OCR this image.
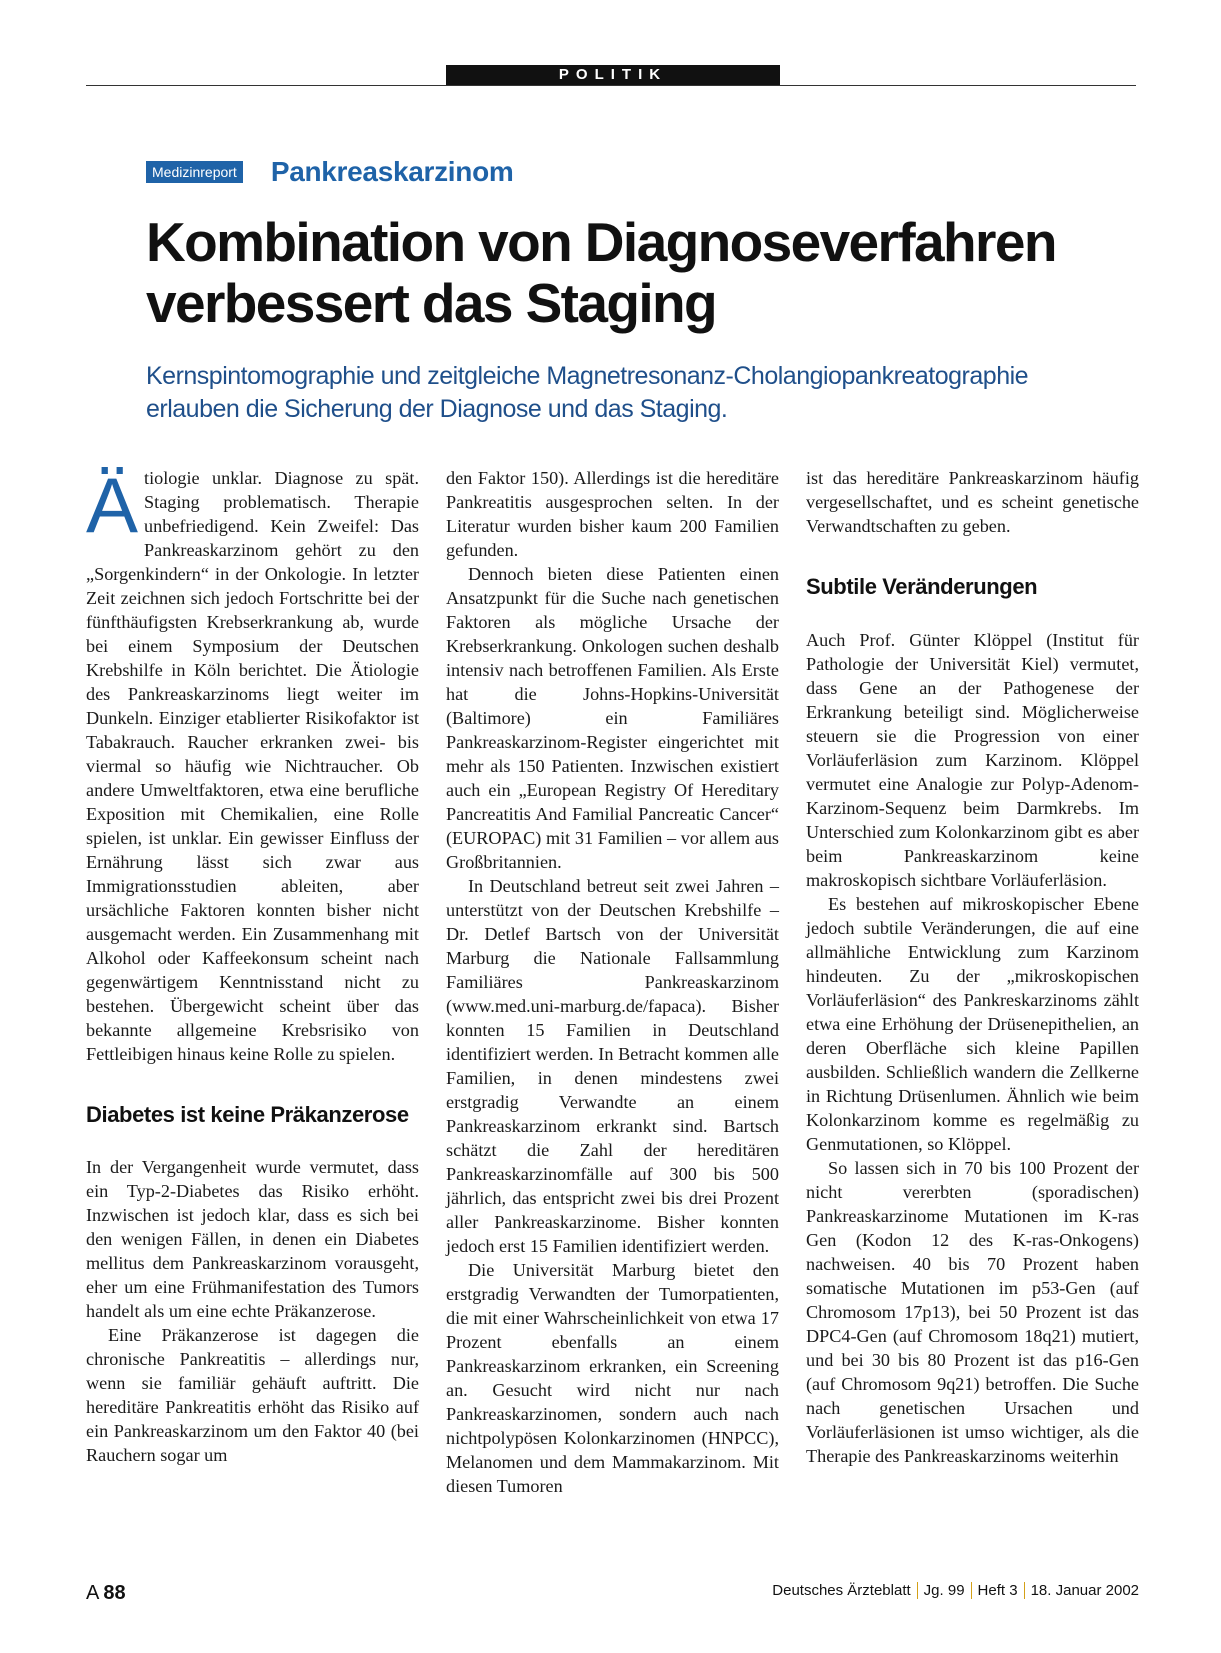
POLITIK
Medizinreport Pankreaskarzinom
Kombination von Diagnoseverfahren
verbessert das Staging

Kernspintomographie und zeitgleiche Magnetresonanz-Cholangiopankreatographie
erlauben die Sicherung der Diagnose und das Staging.

Ätiologie unklar. Diagnose zu spät. Staging problematisch. Therapie unbefriedigend. Kein Zweifel: Das Pankreaskarzinom gehört zu den „Sorgenkindern“ in der Onkologie. In letzter Zeit zeichnen sich jedoch Fortschritte bei der fünfthäufigsten Krebserkrankung ab, wurde bei einem Symposium der Deutschen Krebshilfe in Köln berichtet. Die Ätiologie des Pankreaskarzinoms liegt weiter im Dunkeln. Einziger etablierter Risikofaktor ist Tabakrauch. Raucher erkranken zwei- bis viermal so häufig wie Nichtraucher. Ob andere Umweltfaktoren, etwa eine berufliche Exposition mit Chemikalien, eine Rolle spielen, ist unklar. Ein gewisser Einfluss der Ernährung lässt sich zwar aus Immigrationsstudien ableiten, aber ursächliche Faktoren konnten bisher nicht ausgemacht werden. Ein Zusammenhang mit Alkohol oder Kaffeekonsum scheint nach gegenwärtigem Kenntnisstand nicht zu bestehen. Übergewicht scheint über das bekannte allgemeine Krebsrisiko von Fettleibigen hinaus keine Rolle zu spielen.

Diabetes ist keine Präkanzerose

In der Vergangenheit wurde vermutet, dass ein Typ-2-Diabetes das Risiko erhöht. Inzwischen ist jedoch klar, dass es sich bei den wenigen Fällen, in denen ein Diabetes mellitus dem Pankreaskarzinom vorausgeht, eher um eine Frühmanifestation des Tumors handelt als um eine echte Präkanzerose.

Eine Präkanzerose ist dagegen die chronische Pankreatitis – allerdings nur, wenn sie familiär gehäuft auftritt. Die hereditäre Pankreatitis erhöht das Risiko auf ein Pankreaskarzinom um den Faktor 40 (bei Rauchern sogar um

den Faktor 150). Allerdings ist die hereditäre Pankreatitis ausgesprochen selten. In der Literatur wurden bisher kaum 200 Familien gefunden.

Dennoch bieten diese Patienten einen Ansatzpunkt für die Suche nach genetischen Faktoren als mögliche Ursache der Krebserkrankung. Onkologen suchen deshalb intensiv nach betroffenen Familien. Als Erste hat die Johns-Hopkins-Universität (Baltimore) ein Familiäres Pankreaskarzinom-Register eingerichtet mit mehr als 150 Patienten. Inzwischen existiert auch ein „European Registry Of Hereditary Pancreatitis And Familial Pancreatic Cancer“ (EUROPAC) mit 31 Familien – vor allem aus Großbritannien.

In Deutschland betreut seit zwei Jahren – unterstützt von der Deutschen Krebshilfe – Dr. Detlef Bartsch von der Universität Marburg die Nationale Fallsammlung Familiäres Pankreaskarzinom (www.med.uni-marburg.de/fapaca). Bisher konnten 15 Familien in Deutschland identifiziert werden. In Betracht kommen alle Familien, in denen mindestens zwei erstgradig Verwandte an einem Pankreaskarzinom erkrankt sind. Bartsch schätzt die Zahl der hereditären Pankreaskarzinomfälle auf 300 bis 500 jährlich, das entspricht zwei bis drei Prozent aller Pankreaskarzinome. Bisher konnten jedoch erst 15 Familien identifiziert werden.

Die Universität Marburg bietet den erstgradig Verwandten der Tumorpatienten, die mit einer Wahrscheinlichkeit von etwa 17 Prozent ebenfalls an einem Pankreaskarzinom erkranken, ein Screening an. Gesucht wird nicht nur nach Pankreaskarzinomen, sondern auch nach nichtpolypösen Kolonkarzinomen (HNPCC), Melanomen und dem Mammakarzinom. Mit diesen Tumoren

ist das hereditäre Pankreaskarzinom häufig vergesellschaftet, und es scheint genetische Verwandtschaften zu geben.

Subtile Veränderungen

Auch Prof. Günter Klöppel (Institut für Pathologie der Universität Kiel) vermutet, dass Gene an der Pathogenese der Erkrankung beteiligt sind. Möglicherweise steuern sie die Progression von einer Vorläuferläsion zum Karzinom. Klöppel vermutet eine Analogie zur Polyp-Adenom-Karzinom-Sequenz beim Darmkrebs. Im Unterschied zum Kolonkarzinom gibt es aber beim Pankreaskarzinom keine makroskopisch sichtbare Vorläuferläsion.

Es bestehen auf mikroskopischer Ebene jedoch subtile Veränderungen, die auf eine allmähliche Entwicklung zum Karzinom hindeuten. Zu der „mikroskopischen Vorläuferläsion“ des Pankreskarzinoms zählt etwa eine Erhöhung der Drüsenepithelien, an deren Oberfläche sich kleine Papillen ausbilden. Schließlich wandern die Zellkerne in Richtung Drüsenlumen. Ähnlich wie beim Kolonkarzinom komme es regelmäßig zu Genmutationen, so Klöppel.

So lassen sich in 70 bis 100 Prozent der nicht vererbten (sporadischen) Pankreaskarzinome Mutationen im K-ras Gen (Kodon 12 des K-ras-Onkogens) nachweisen. 40 bis 70 Prozent haben somatische Mutationen im p53-Gen (auf Chromosom 17p13), bei 50 Prozent ist das DPC4-Gen (auf Chromosom 18q21) mutiert, und bei 30 bis 80 Prozent ist das p16-Gen (auf Chromosom 9q21) betroffen. Die Suche nach genetischen Ursachen und Vorläuferläsionen ist umso wichtiger, als die Therapie des Pankreaskarzinoms weiterhin

A 88	Deutsches Ärzteblatt Jg. 99 Heft 3 18. Januar 2002
